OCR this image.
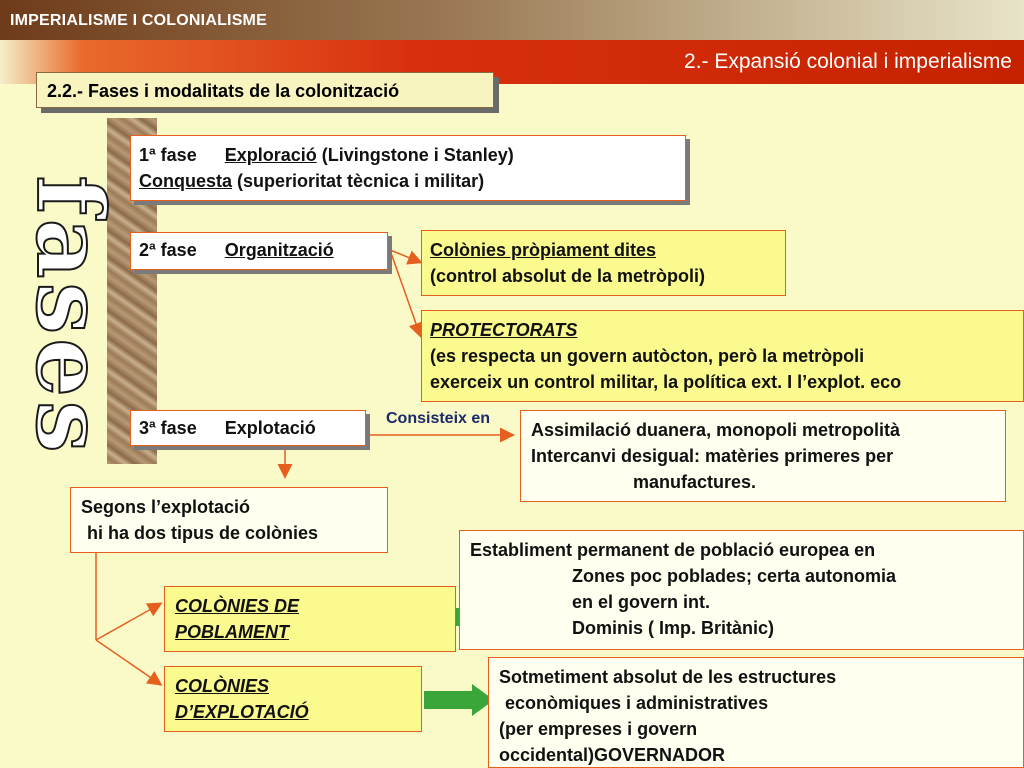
IMPERIALISME I COLONIALISME
2.- Expansió colonial i imperialisme
2.2.- Fases i modalitats de la colonització
fases
1ª fase Exploració (Livingstone i Stanley)
Conquesta (superioritat tècnica i militar)
2ª fase Organització	Colònies pròpiament dites
(control absolut de la metròpoli)
PROTECTORATS
(es respecta un govern autòcton, però la metròpoli
exerceix un control militar, la política ext. I l’explot. eco
3ª fase Explotació	Consisteix en
Assimilació duanera, monopoli metropolità
Intercanvi desigual: matèries primeres per
manufactures.
Segons l’explotació
hi ha dos tipus de colònies
COLÒNIES DE
POBLAMENT
Establiment permanent de població europea en
Zones poc poblades; certa autonomia
en el govern int.
Dominis ( Imp. Britànic)
COLÒNIES
D’EXPLOTACIÓ
Sotmetiment absolut de les estructures
econòmiques i administratives
(per empreses i govern
occidental)GOVERNADOR
